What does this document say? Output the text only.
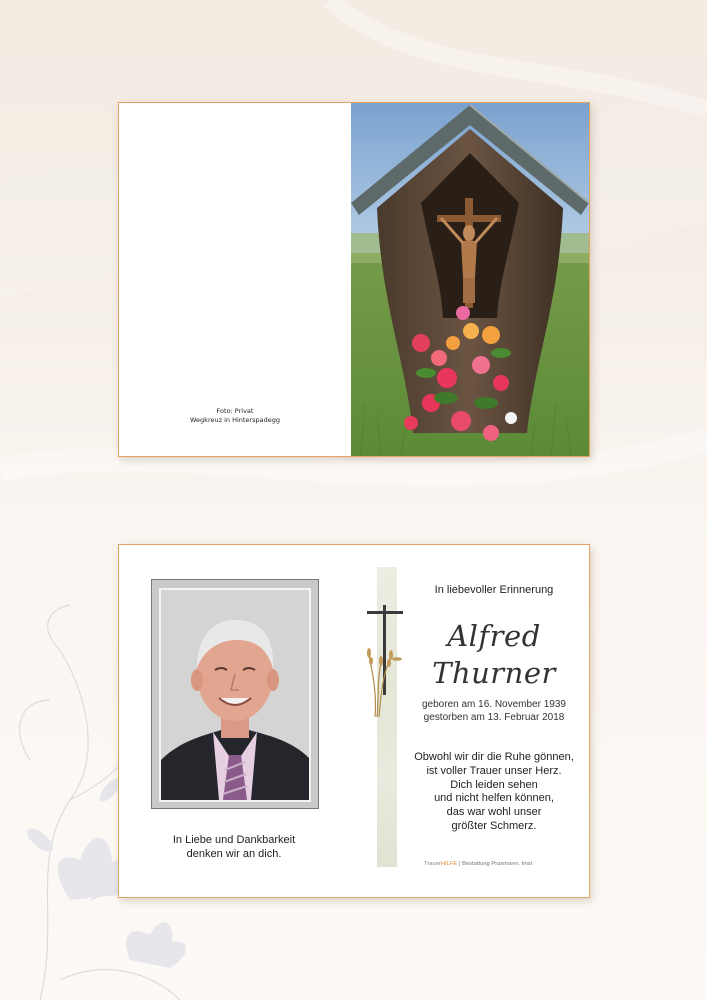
Foto: Privat
Wegkreuz in Hinterspadegg
In Liebe und Dankbarkeit
denken wir an dich.
In liebevoller Erinnerung
Alfred
Thurner
geboren am 16. November 1939
gestorben am 13. Februar 2018
Obwohl wir dir die Ruhe gönnen,
ist voller Trauer unser Herz.
Dich leiden sehen
und nicht helfen können,
das war wohl unser
größter Schmerz.
TrauerHILFE | Bestattung Praxmarer, Imst
